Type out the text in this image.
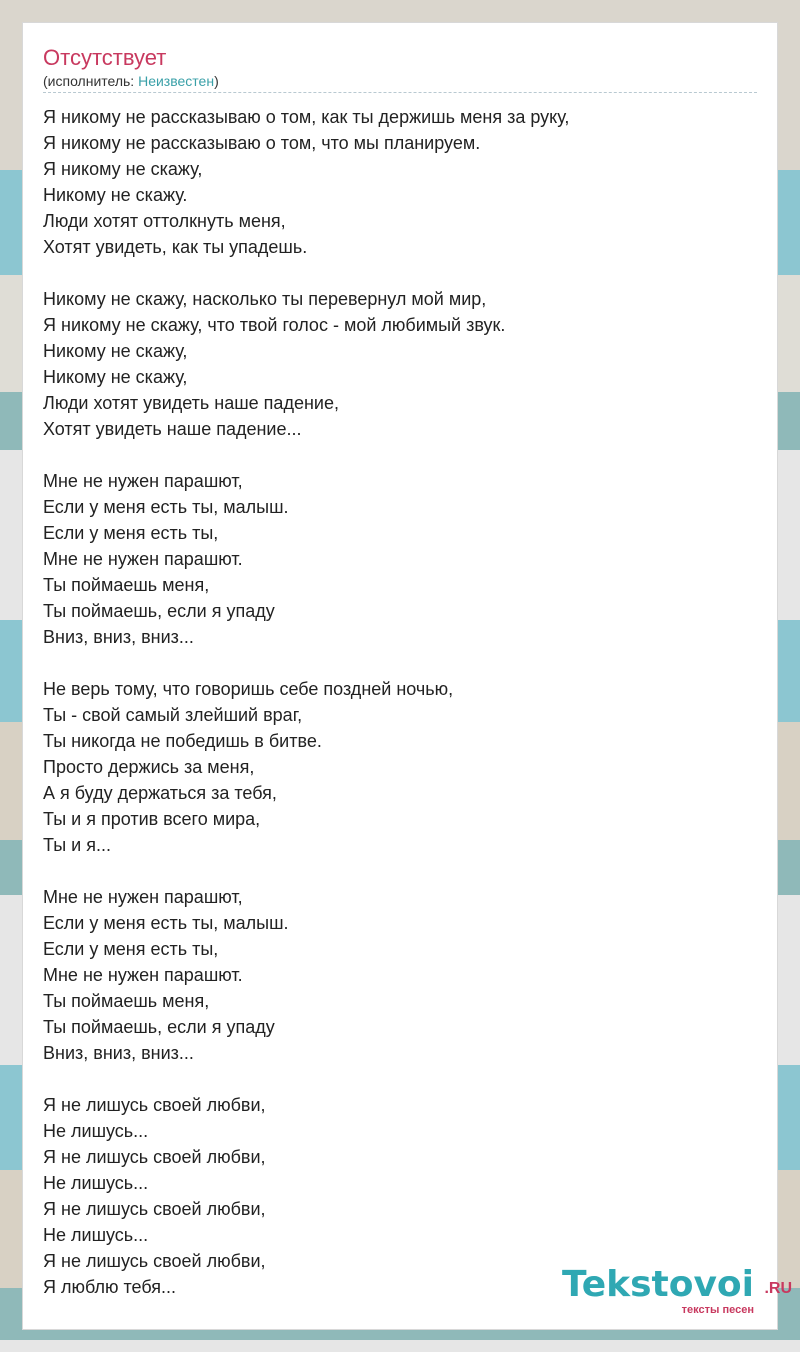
Отсутствует
(исполнитель: Неизвестен)
Я никому не рассказываю о том, как ты держишь меня за руку,
Я никому не рассказываю о том, что мы планируем.
Я никому не скажу,
Никому не скажу.
Люди хотят оттолкнуть меня,
Хотят увидеть, как ты упадешь.
Никому не скажу, насколько ты перевернул мой мир,
Я никому не скажу, что твой голос - мой любимый звук.
Никому не скажу,
Никому не скажу,
Люди хотят увидеть наше падение,
Хотят увидеть наше падение...
Мне не нужен парашют,
Если у меня есть ты, малыш.
Если у меня есть ты,
Мне не нужен парашют.
Ты поймаешь меня,
Ты поймаешь, если я упаду
Вниз, вниз, вниз...
Не верь тому, что говоришь себе поздней ночью,
Ты - свой самый злейший враг,
Ты никогда не победишь в битве.
Просто держись за меня,
А я буду держаться за тебя,
Ты и я против всего мира,
Ты и я...
Мне не нужен парашют,
Если у меня есть ты, малыш.
Если у меня есть ты,
Мне не нужен парашют.
Ты поймаешь меня,
Ты поймаешь, если я упаду
Вниз, вниз, вниз...
Я не лишусь своей любви,
Не лишусь...
Я не лишусь своей любви,
Не лишусь...
Я не лишусь своей любви,
Не лишусь...
Я не лишусь своей любви,
Я люблю тебя...	Tekstovoi .RU
тексты песен
